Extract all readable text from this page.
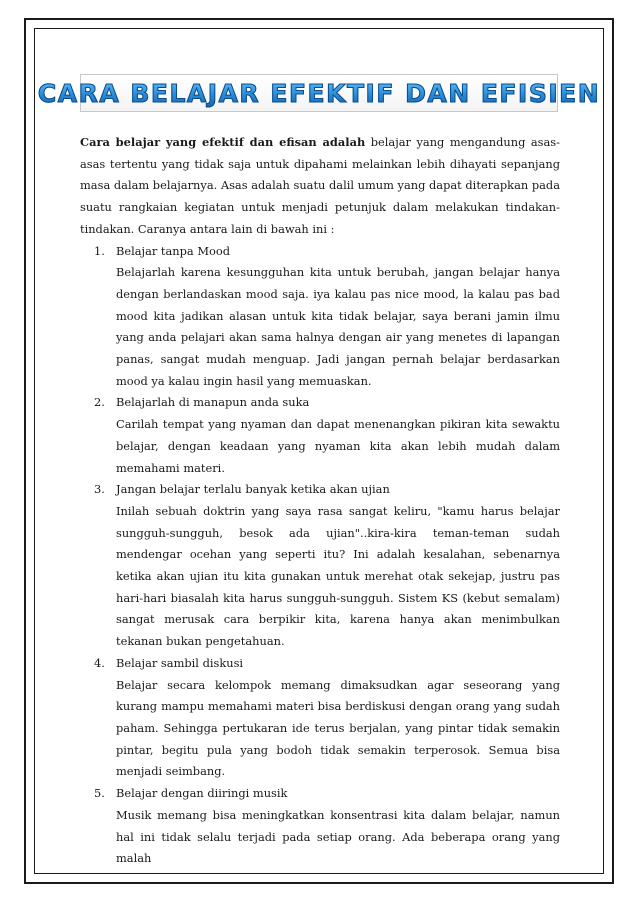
CARA BELAJAR EFEKTIF DAN EFISIEN

Cara belajar yang efektif dan efisan adalah belajar yang mengandung asas-asas tertentu yang tidak saja untuk dipahami melainkan lebih dihayati sepanjang masa dalam belajarnya. Asas adalah suatu dalil umum yang dapat diterapkan pada suatu rangkaian kegiatan untuk menjadi petunjuk dalam melakukan tindakan-tindakan. Caranya antara lain di bawah ini :

1. Belajar tanpa Mood

Belajarlah karena kesungguhan kita untuk berubah, jangan belajar hanya dengan berlandaskan mood saja. iya kalau pas nice mood, la kalau pas bad mood kita jadikan alasan untuk kita tidak belajar, saya berani jamin ilmu yang anda pelajari akan sama halnya dengan air yang menetes di lapangan panas, sangat mudah menguap. Jadi jangan pernah belajar berdasarkan mood ya kalau ingin hasil yang memuaskan.

2. Belajarlah di manapun anda suka

Carilah tempat yang nyaman dan dapat menenangkan pikiran kita sewaktu belajar, dengan keadaan yang nyaman kita akan lebih mudah dalam memahami materi.

3. Jangan belajar terlalu banyak ketika akan ujian

Inilah sebuah doktrin yang saya rasa sangat keliru, "kamu harus belajar sungguh-sungguh, besok ada ujian"..kira-kira teman-teman sudah mendengar ocehan yang seperti itu? Ini adalah kesalahan, sebenarnya ketika akan ujian itu kita gunakan untuk merehat otak sekejap, justru pas hari-hari biasalah kita harus sungguh-sungguh. Sistem KS (kebut semalam) sangat merusak cara berpikir kita, karena hanya akan menimbulkan tekanan bukan pengetahuan.

4. Belajar sambil diskusi

Belajar secara kelompok memang dimaksudkan agar seseorang yang kurang mampu memahami materi bisa berdiskusi dengan orang yang sudah paham. Sehingga pertukaran ide terus berjalan, yang pintar tidak semakin pintar, begitu pula yang bodoh tidak semakin terperosok. Semua bisa menjadi seimbang.

5. Belajar dengan diiringi musik

Musik memang bisa meningkatkan konsentrasi kita dalam belajar, namun hal ini tidak selalu terjadi pada setiap orang. Ada beberapa orang yang malah
